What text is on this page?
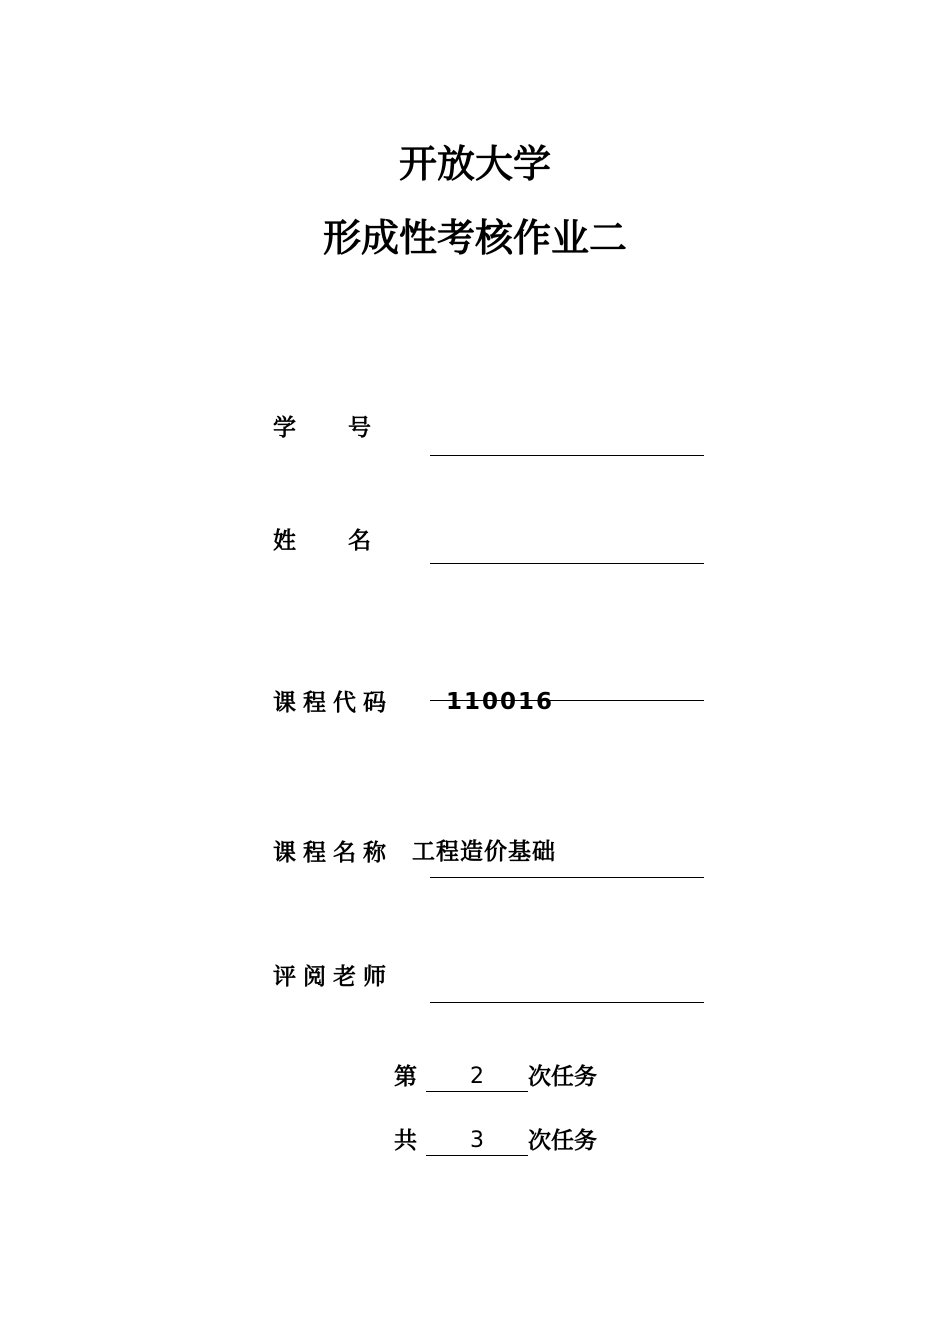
开放大学
形成性考核作业二
学号
姓名
课程代码 110016
课程名称 工程造价基础
评阅老师
第	2	次任务
共	3	次任务
